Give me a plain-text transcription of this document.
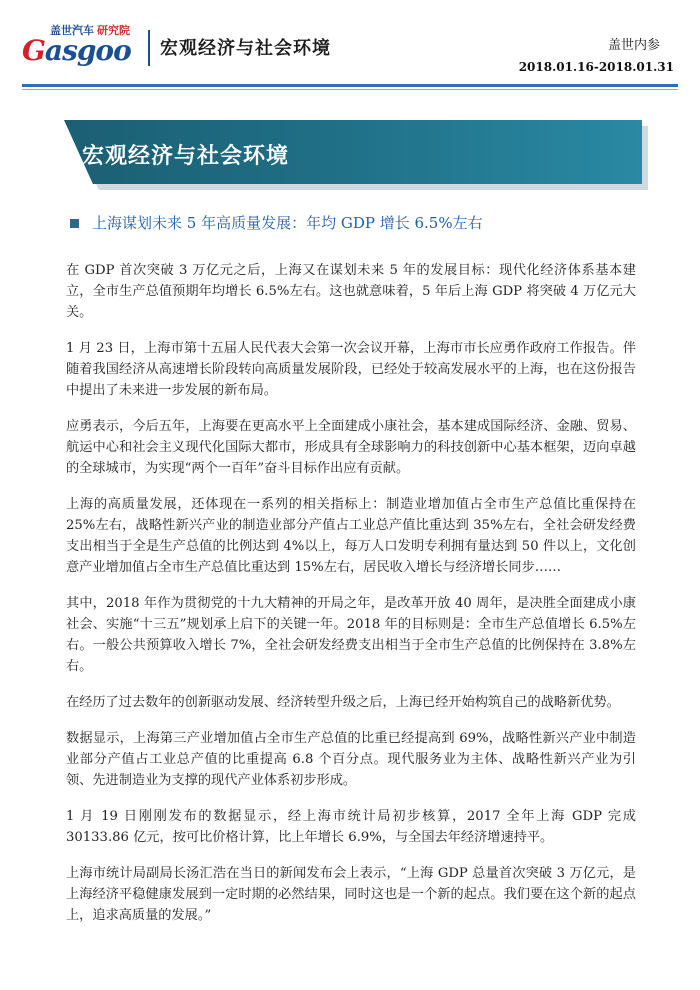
盖世汽车 研究院
Gasgoo 宏观经济与社会环境	盖世内参
2018.01.16-2018.01.31
宏观经济与社会环境
上海谋划未来 5 年高质量发展：年均 GDP 增长 6.5%左右

在 GDP 首次突破 3 万亿元之后，上海又在谋划未来 5 年的发展目标：现代化经济体系基本建立，全市生产总值预期年均增长 6.5%左右。这也就意味着，5 年后上海 GDP 将突破 4 万亿元大关。

1 月 23 日，上海市第十五届人民代表大会第一次会议开幕，上海市市长应勇作政府工作报告。伴随着我国经济从高速增长阶段转向高质量发展阶段，已经处于较高发展水平的上海，也在这份报告中提出了未来进一步发展的新布局。

应勇表示，今后五年，上海要在更高水平上全面建成小康社会，基本建成国际经济、金融、贸易、航运中心和社会主义现代化国际大都市，形成具有全球影响力的科技创新中心基本框架，迈向卓越的全球城市，为实现“两个一百年”奋斗目标作出应有贡献。

上海的高质量发展，还体现在一系列的相关指标上：制造业增加值占全市生产总值比重保持在 25%左右，战略性新兴产业的制造业部分产值占工业总产值比重达到 35%左右，全社会研发经费支出相当于全是生产总值的比例达到 4%以上，每万人口发明专利拥有量达到 50 件以上，文化创意产业增加值占全市生产总值比重达到 15%左右，居民收入增长与经济增长同步……

其中，2018 年作为贯彻党的十九大精神的开局之年，是改革开放 40 周年，是决胜全面建成小康社会、实施“十三五”规划承上启下的关键一年。2018 年的目标则是：全市生产总值增长 6.5%左右。一般公共预算收入增长 7%，全社会研发经费支出相当于全市生产总值的比例保持在 3.8%左右。

在经历了过去数年的创新驱动发展、经济转型升级之后，上海已经开始构筑自己的战略新优势。

数据显示，上海第三产业增加值占全市生产总值的比重已经提高到 69%，战略性新兴产业中制造业部分产值占工业总产值的比重提高 6.8 个百分点。现代服务业为主体、战略性新兴产业为引领、先进制造业为支撑的现代产业体系初步形成。

1 月 19 日刚刚发布的数据显示，经上海市统计局初步核算，2017 全年上海 GDP 完成 30133.86 亿元，按可比价格计算，比上年增长 6.9%，与全国去年经济增速持平。

上海市统计局副局长汤汇浩在当日的新闻发布会上表示，“上海 GDP 总量首次突破 3 万亿元，是上海经济平稳健康发展到一定时期的必然结果，同时这也是一个新的起点。我们要在这个新的起点上，追求高质量的发展。”
